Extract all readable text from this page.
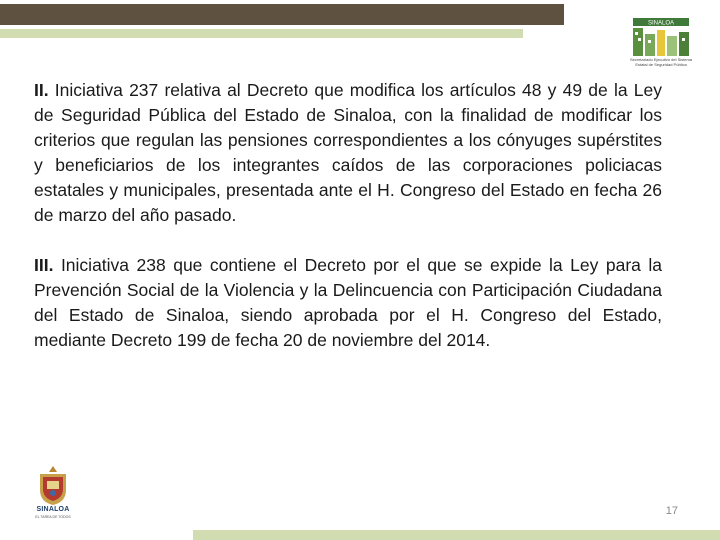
SINALOA
Secretariado Ejecutivo del Sistema
Estatal de Seguridad Pública

II. Iniciativa 237 relativa al Decreto que modifica los artículos 48 y 49 de la Ley de Seguridad Pública del Estado de Sinaloa, con la finalidad de modificar los criterios que regulan las pensiones correspondientes a los cónyuges supérstites y beneficiarios de los integrantes caídos de las corporaciones policiacas estatales y municipales, presentada ante el H. Congreso del Estado en fecha 26 de marzo del año pasado.

III. Iniciativa 238 que contiene el Decreto por el que se expide la Ley para la Prevención Social de la Violencia y la Delincuencia con Participación Ciudadana del Estado de Sinaloa, siendo aprobada por el H. Congreso del Estado, mediante Decreto 199 de fecha 20 de noviembre del 2014.

SINALOA
EL TAREA DE TODOS	17
